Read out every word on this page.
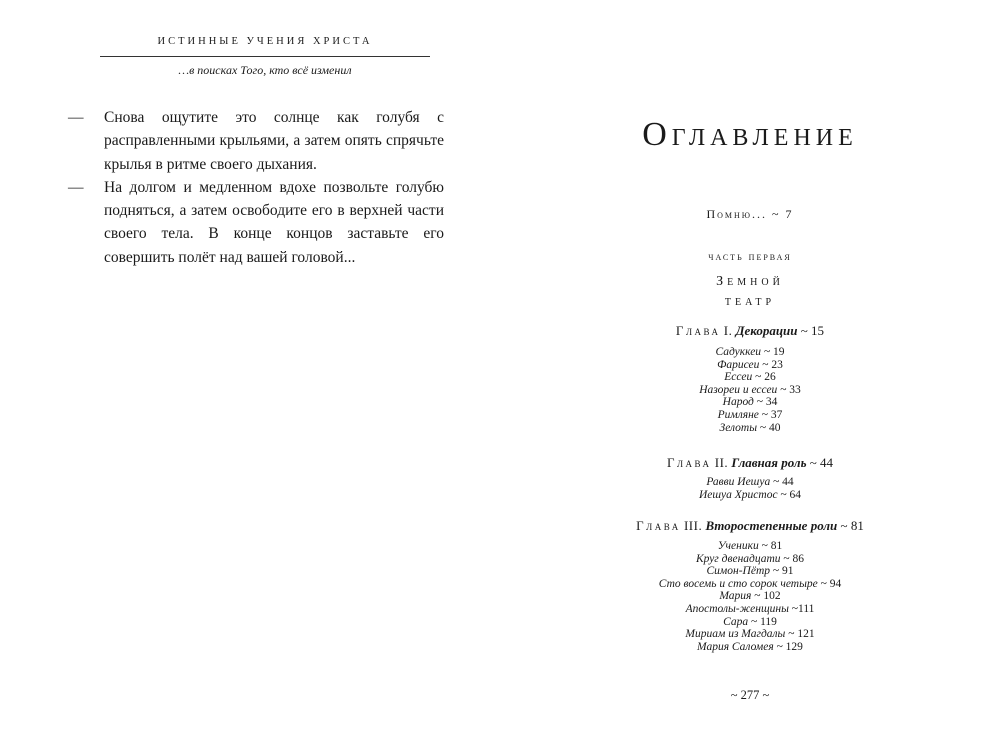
ИСТИННЫЕ УЧЕНИЯ ХРИСТА
…в поисках Того, кто всё изменил
— Снова ощутите это солнце как голубя с расправленными крыльями, а затем опять спрячьте крылья в ритме своего дыхания.
— На долгом и медленном вдохе позвольте голубю подняться, а затем освободите его в верхней части своего тела. В конце концов заставьте его совершить полёт над вашей головой...
Оглавление
Помню... ~ 7
часть первая
Земной
театр
Глава I. Декорации ~ 15
Садуккеи ~ 19
Фарисеи ~ 23
Ессеи ~ 26
Назореи и ессеи ~ 33
Народ ~ 34
Римляне ~ 37
Зелоты ~ 40
Глава II. Главная роль ~ 44
Равви Иешуа ~ 44
Иешуа Христос ~ 64
Глава III. Второстепенные роли ~ 81
Ученики ~ 81
Круг двенадцати ~ 86
Симон-Пётр ~ 91
Сто восемь и сто сорок четыре ~ 94
Мария ~ 102
Апостолы-женщины ~111
Сара ~ 119
Мириам из Магдалы ~ 121
Мария Саломея ~ 129
~ 277 ~
